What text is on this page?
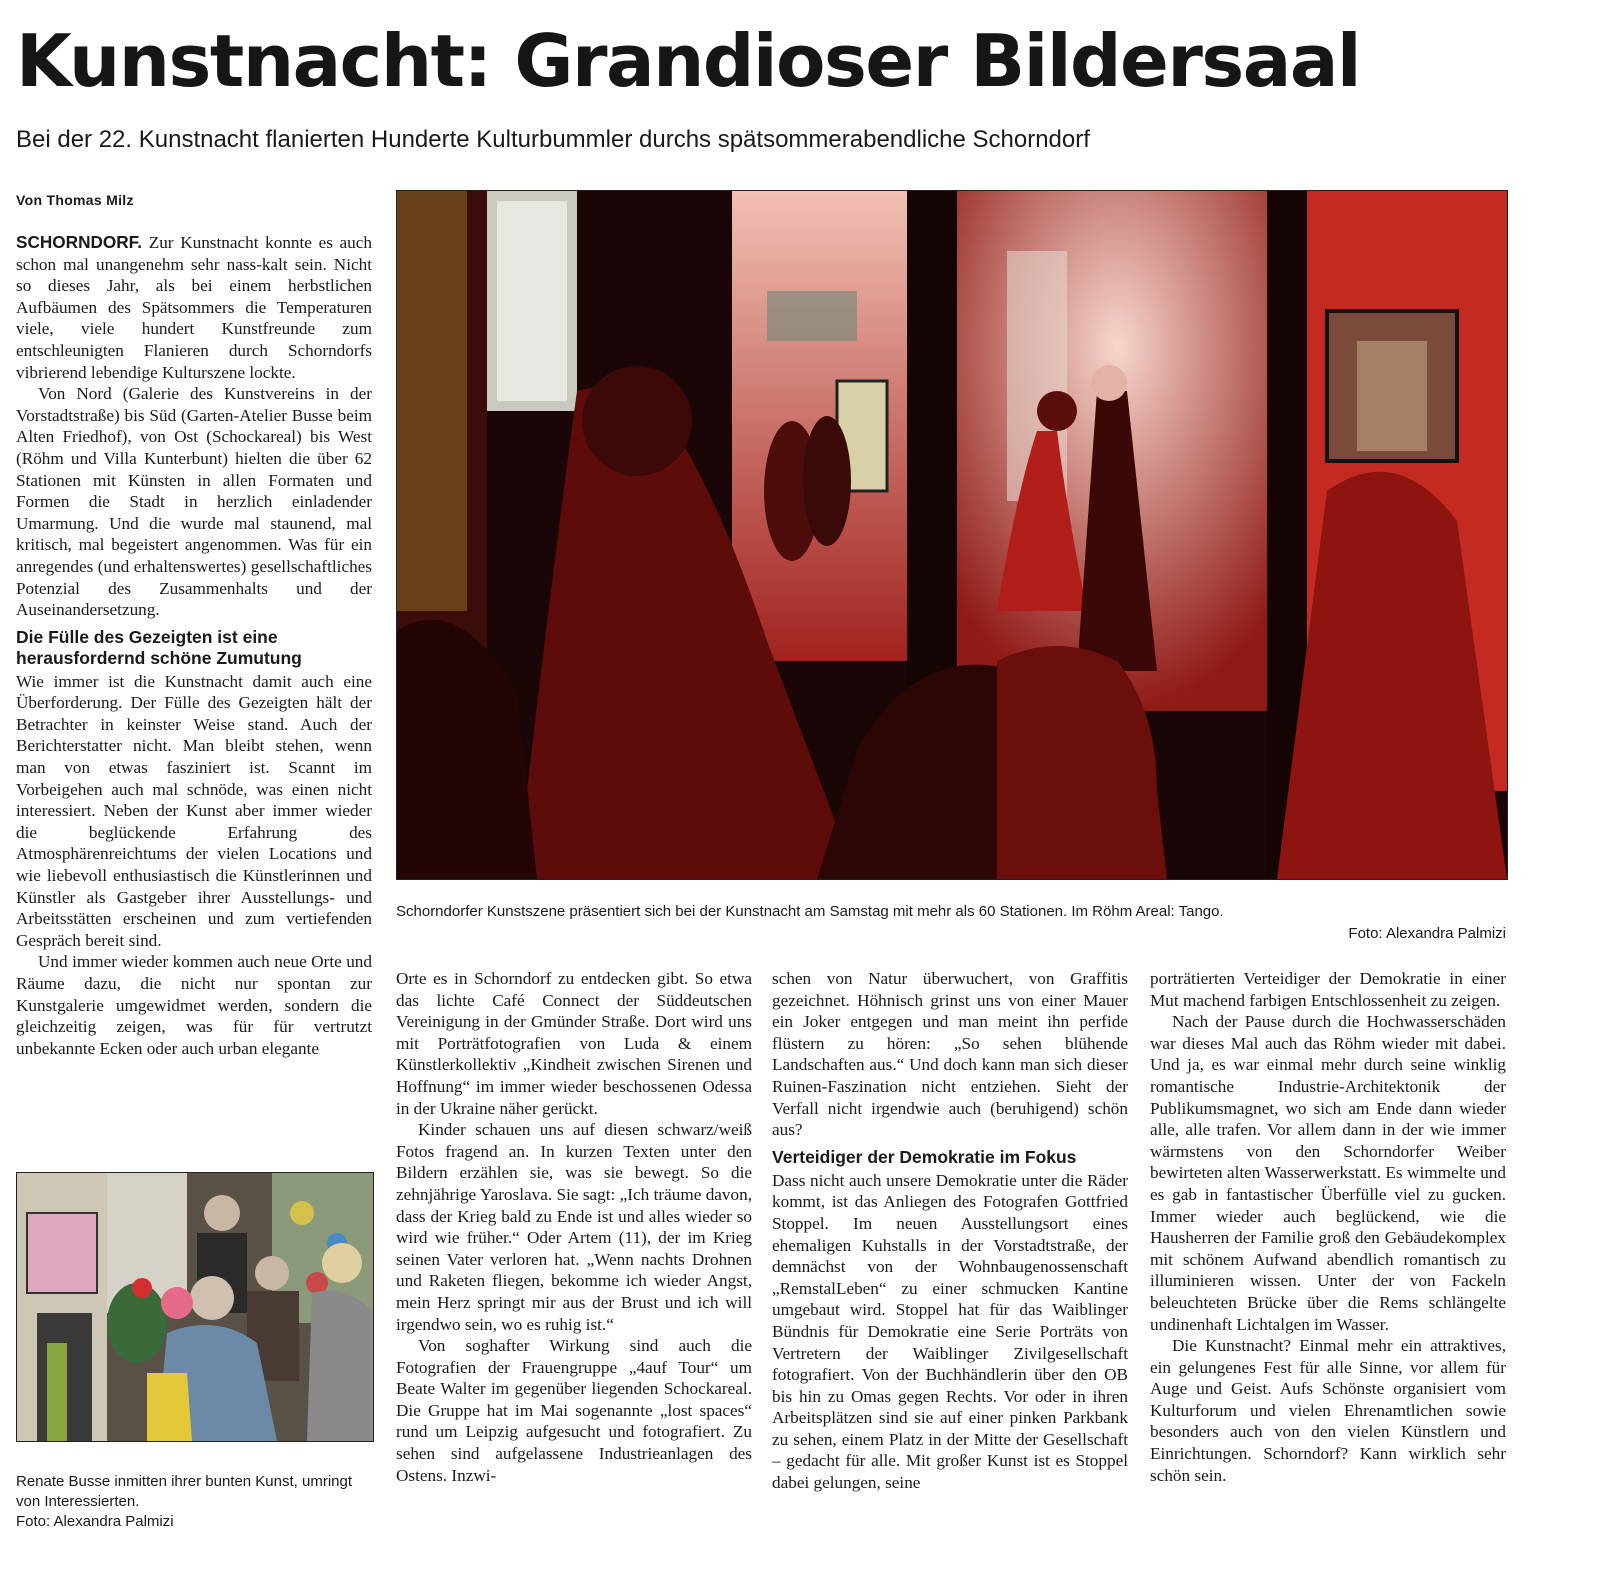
Kunstnacht: Grandioser Bildersaal
Bei der 22. Kunstnacht flanierten Hunderte Kulturbummler durchs spätsommerabendliche Schorndorf
Von Thomas Milz

SCHORNDORF. Zur Kunstnacht konnte es auch schon mal unangenehm sehr nass-kalt sein. Nicht so dieses Jahr, als bei einem herbstlichen Aufbäumen des Spätsommers die Temperaturen viele, viele hundert Kunstfreunde zum entschleunigten Flanieren durch Schorndorfs vibrierend lebendige Kulturszene lockte.

Von Nord (Galerie des Kunstvereins in der Vorstadtstraße) bis Süd (Garten-Atelier Busse beim Alten Friedhof), von Ost (Schockareal) bis West (Röhm und Villa Kunterbunt) hielten die über 62 Stationen mit Künsten in allen Formaten und Formen die Stadt in herzlich einladender Umarmung. Und die wurde mal staunend, mal kritisch, mal begeistert angenommen. Was für ein anregendes (und erhaltenswertes) gesellschaftliches Potenzial des Zusammenhalts und der Auseinandersetzung.

Die Fülle des Gezeigten ist eine herausfordernd schöne Zumutung

Wie immer ist die Kunstnacht damit auch eine Überforderung. Der Fülle des Gezeigten hält der Betrachter in keinster Weise stand. Auch der Berichterstatter nicht. Man bleibt stehen, wenn man von etwas fasziniert ist. Scannt im Vorbeigehen auch mal schnöde, was einen nicht interessiert. Neben der Kunst aber immer wieder die beglückende Erfahrung des Atmosphärenreichtums der vielen Locations und wie liebevoll enthusiastisch die Künstlerinnen und Künstler als Gastgeber ihrer Ausstellungs- und Arbeitsstätten erscheinen und zum vertiefenden Gespräch bereit sind.

Und immer wieder kommen auch neue Orte und Räume dazu, die nicht nur spontan zur Kunstgalerie umgewidmet werden, sondern die gleichzeitig zeigen, was für für vertrutzt unbekannte Ecken oder auch urban elegante

Schorndorfer Kunstszene präsentiert sich bei der Kunstnacht am Samstag mit mehr als 60 Stationen. Im Röhm Areal: Tango.
Foto: Alexandra Palmizi
Renate Busse inmitten ihrer bunten Kunst, umringt von Interessierten.
Foto: Alexandra Palmizi

Orte es in Schorndorf zu entdecken gibt. So etwa das lichte Café Connect der Süddeutschen Vereinigung in der Gmünder Straße. Dort wird uns mit Porträtfotografien von Luda & einem Künstlerkollektiv „Kindheit zwischen Sirenen und Hoffnung“ im immer wieder beschossenen Odessa in der Ukraine näher gerückt.

Kinder schauen uns auf diesen schwarz/weiß Fotos fragend an. In kurzen Texten unter den Bildern erzählen sie, was sie bewegt. So die zehnjährige Yaroslava. Sie sagt: „Ich träume davon, dass der Krieg bald zu Ende ist und alles wieder so wird wie früher.“ Oder Artem (11), der im Krieg seinen Vater verloren hat. „Wenn nachts Drohnen und Raketen fliegen, bekomme ich wieder Angst, mein Herz springt mir aus der Brust und ich will irgendwo sein, wo es ruhig ist.“

Von soghafter Wirkung sind auch die Fotografien der Frauengruppe „4auf Tour“ um Beate Walter im gegenüber liegenden Schockareal. Die Gruppe hat im Mai sogenannte „lost spaces“ rund um Leipzig aufgesucht und fotografiert. Zu sehen sind aufgelassene Industrieanlagen des Ostens. Inzwi-

schen von Natur überwuchert, von Graffitis gezeichnet. Höhnisch grinst uns von einer Mauer ein Joker entgegen und man meint ihn perfide flüstern zu hören: „So sehen blühende Landschaften aus.“ Und doch kann man sich dieser Ruinen-Faszination nicht entziehen. Sieht der Verfall nicht irgendwie auch (beruhigend) schön aus?

Verteidiger der Demokratie im Fokus

Dass nicht auch unsere Demokratie unter die Räder kommt, ist das Anliegen des Fotografen Gottfried Stoppel. Im neuen Ausstellungsort eines ehemaligen Kuhstalls in der Vorstadtstraße, der demnächst von der Wohnbaugenossenschaft „RemstalLeben“ zu einer schmucken Kantine umgebaut wird. Stoppel hat für das Waiblinger Bündnis für Demokratie eine Serie Porträts von Vertretern der Waiblinger Zivilgesellschaft fotografiert. Von der Buchhändlerin über den OB bis hin zu Omas gegen Rechts. Vor oder in ihren Arbeitsplätzen sind sie auf einer pinken Parkbank zu sehen, einem Platz in der Mitte der Gesellschaft – gedacht für alle. Mit großer Kunst ist es Stoppel dabei gelungen, seine

porträtierten Verteidiger der Demokratie in einer Mut machend farbigen Entschlossenheit zu zeigen.

Nach der Pause durch die Hochwasserschäden war dieses Mal auch das Röhm wieder mit dabei. Und ja, es war einmal mehr durch seine winklig romantische Industrie-Architektonik der Publikumsmagnet, wo sich am Ende dann wieder alle, alle trafen. Vor allem dann in der wie immer wärmstens von den Schorndorfer Weiber bewirteten alten Wasserwerkstatt. Es wimmelte und es gab in fantastischer Überfülle viel zu gucken. Immer wieder auch beglückend, wie die Hausherren der Familie groß den Gebäudekomplex mit schönem Aufwand abendlich romantisch zu illuminieren wissen. Unter der von Fackeln beleuchteten Brücke über die Rems schlängelte undinenhaft Lichtalgen im Wasser.

Die Kunstnacht? Einmal mehr ein attraktives, ein gelungenes Fest für alle Sinne, vor allem für Auge und Geist. Aufs Schönste organisiert vom Kulturforum und vielen Ehrenamtlichen sowie besonders auch von den vielen Künstlern und Einrichtungen. Schorndorf? Kann wirklich sehr schön sein.
